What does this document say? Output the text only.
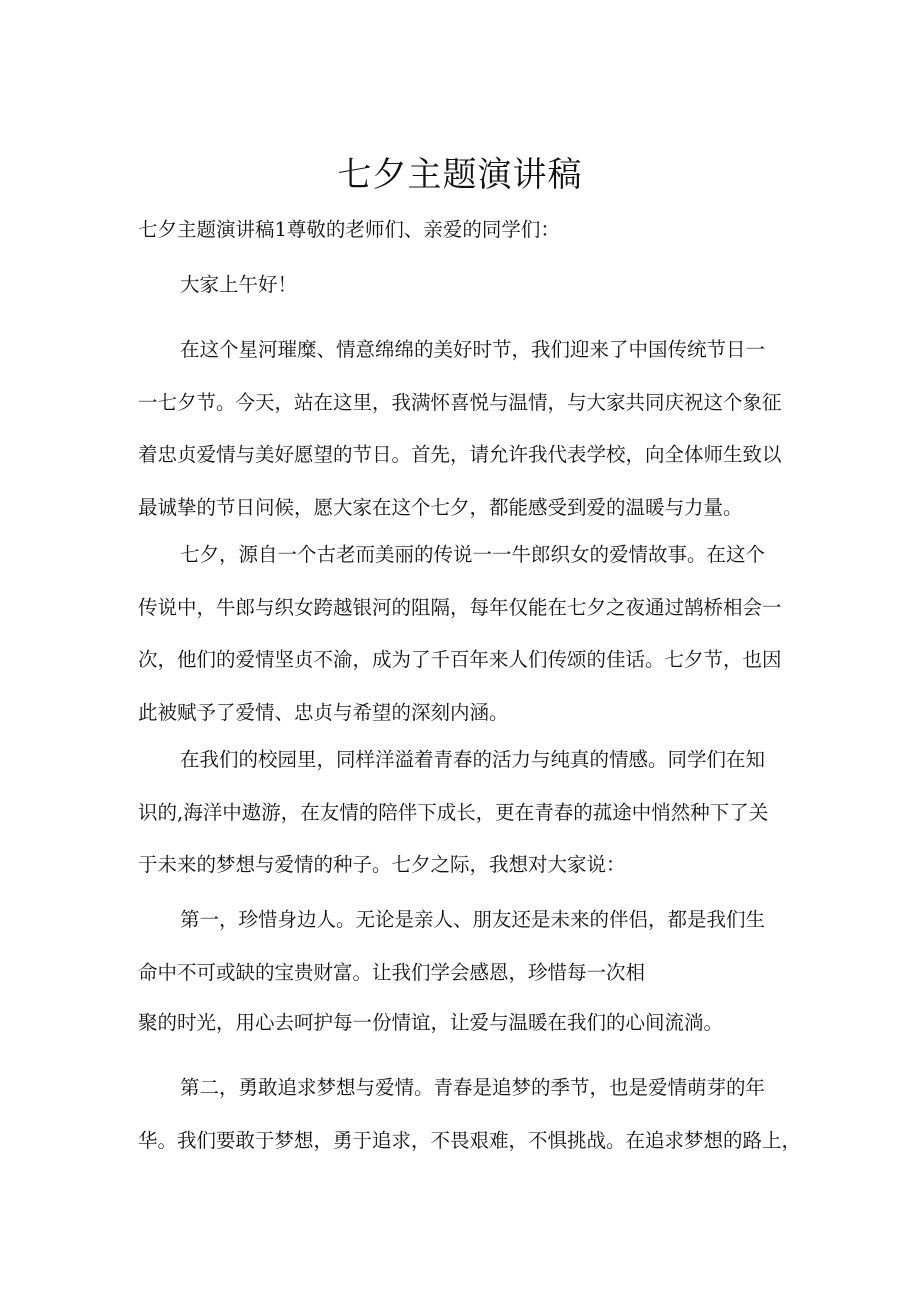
七夕主题演讲稿

七夕主题演讲稿1尊敬的老师们、亲爱的同学们：

大家上午好！

在这个星河璀糜、情意绵绵的美好时节，我们迎来了中国传统节日一
一七夕节。今天，站在这里，我满怀喜悦与温情，与大家共同庆祝这个象征
着忠贞爱情与美好愿望的节日。首先，请允许我代表学校，向全体师生致以
最诚挚的节日问候，愿大家在这个七夕，都能感受到爱的温暖与力量。

七夕，源自一个古老而美丽的传说一一牛郎织女的爱情故事。在这个
传说中，牛郎与织女跨越银河的阻隔，每年仅能在七夕之夜通过鹄桥相会一
次，他们的爱情坚贞不渝，成为了千百年来人们传颂的佳话。七夕节，也因
此被赋予了爱情、忠贞与希望的深刻内涵。

在我们的校园里，同样洋溢着青春的活力与纯真的情感。同学们在知
识的,海洋中遨游，在友情的陪伴下成长，更在青春的菰途中悄然种下了关
于未来的梦想与爱情的种子。七夕之际，我想对大家说：

第一，珍惜身边人。无论是亲人、朋友还是未来的伴侣，都是我们生
命中不可或缺的宝贵财富。让我们学会感恩，珍惜每一次相

聚的时光，用心去呵护每一份情谊，让爱与温暖在我们的心间流淌。

第二，勇敢追求梦想与爱情。青春是追梦的季节，也是爱情萌芽的年
华。我们要敢于梦想，勇于追求，不畏艰难，不惧挑战。在追求梦想的路上，
